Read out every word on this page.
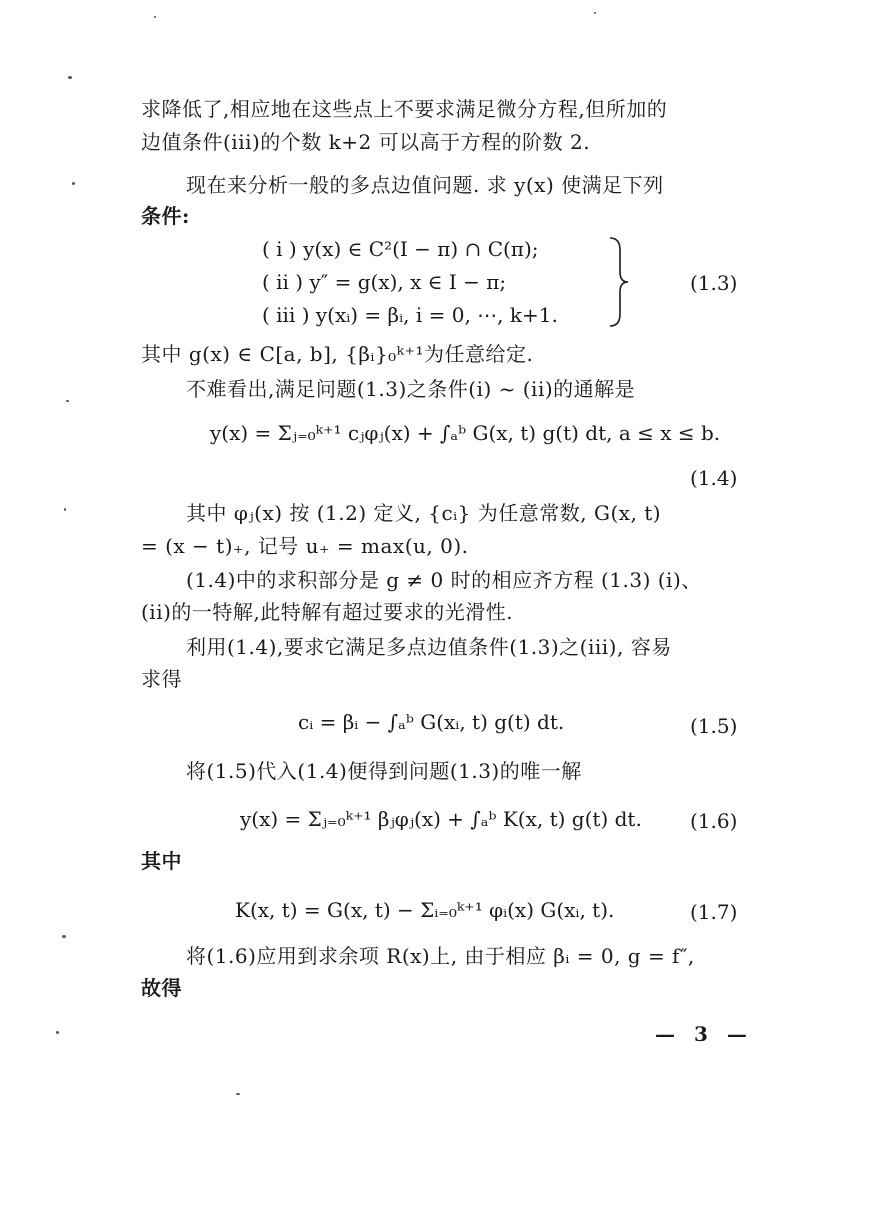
求降低了,相应地在这些点上不要求满足微分方程,但所加的
边值条件(iii)的个数 k+2 可以高于方程的阶数 2.
现在来分析一般的多点边值问题. 求 y(x) 使满足下列
条件:
( i ) y(x) ∈ C²(I − π) ∩ C(π);
( ii ) y″ = g(x), x ∈ I − π;
( iii ) y(xᵢ) = βᵢ, i = 0, ⋯, k+1.
(1.3)
其中 g(x) ∈ C[a, b], {βᵢ}₀ᵏ⁺¹为任意给定.
不难看出,满足问题(1.3)之条件(i) ~ (ii)的通解是
y(x) = Σⱼ₌₀ᵏ⁺¹ cⱼφⱼ(x) + ∫ₐᵇ G(x, t) g(t) dt, a ≤ x ≤ b.
(1.4)
其中 φⱼ(x) 按 (1.2) 定义, {cᵢ} 为任意常数, G(x, t)
= (x − t)₊, 记号 u₊ = max(u, 0).
(1.4)中的求积部分是 g ≠ 0 时的相应齐方程 (1.3) (i)、
(ii)的一特解,此特解有超过要求的光滑性.
利用(1.4),要求它满足多点边值条件(1.3)之(iii), 容易
求得
cᵢ = βᵢ − ∫ₐᵇ G(xᵢ, t) g(t) dt.	(1.5)
将(1.5)代入(1.4)便得到问题(1.3)的唯一解
y(x) = Σⱼ₌₀ᵏ⁺¹ βⱼφⱼ(x) + ∫ₐᵇ K(x, t) g(t) dt. (1.6)
其中
K(x, t) = G(x, t) − Σᵢ₌₀ᵏ⁺¹ φᵢ(x) G(xᵢ, t).	(1.7)
将(1.6)应用到求余项 R(x)上, 由于相应 βᵢ = 0, g = f″,
故得
— 3 —
